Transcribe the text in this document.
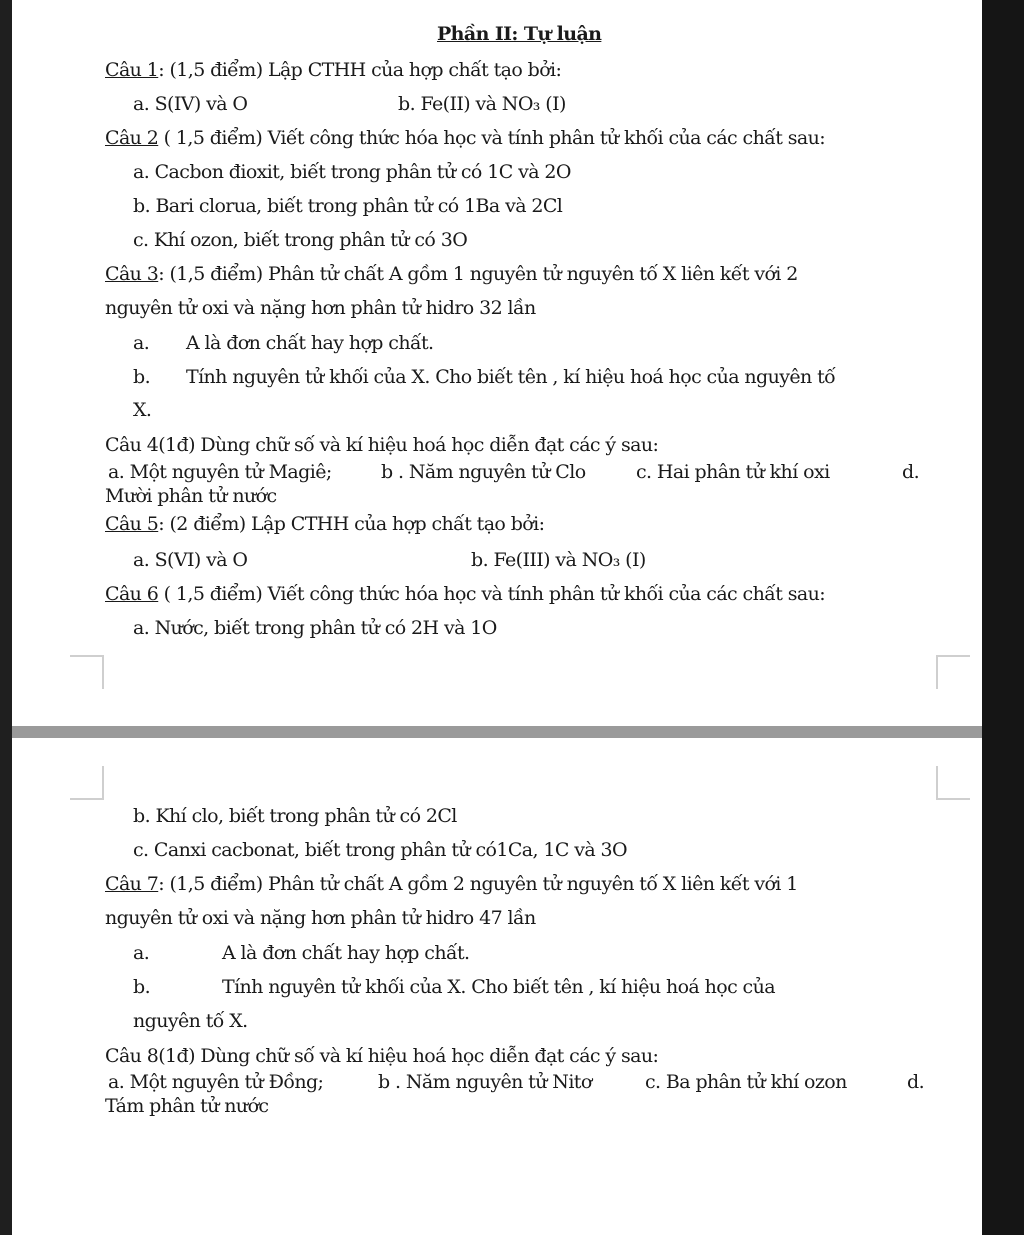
Phần II: Tự luận
Câu 1: (1,5 điểm) Lập CTHH của hợp chất tạo bởi:
a. S(IV) và O	b. Fe(II) và NO₃ (I)
Câu 2 ( 1,5 điểm) Viết công thức hóa học và tính phân tử khối của các chất sau:
a. Cacbon đioxit, biết trong phân tử có 1C và 2O
b. Bari clorua, biết trong phân tử có 1Ba và 2Cl
c. Khí ozon, biết trong phân tử có 3O
Câu 3: (1,5 điểm) Phân tử chất A gồm 1 nguyên tử nguyên tố X liên kết với 2
nguyên tử oxi và nặng hơn phân tử hidro 32 lần
a. A là đơn chất hay hợp chất.
b. Tính nguyên tử khối của X. Cho biết tên , kí hiệu hoá học của nguyên tố
X.
Câu 4(1đ) Dùng chữ số và kí hiệu hoá học diễn đạt các ý sau:
a. Một nguyên tử Magiê;	b . Năm nguyên tử Clo	c. Hai phân tử khí oxi	d.
Mười phân tử nước
Câu 5: (2 điểm) Lập CTHH của hợp chất tạo bởi:
a. S(VI) và O	b. Fe(III) và NO₃ (I)
Câu 6 ( 1,5 điểm) Viết công thức hóa học và tính phân tử khối của các chất sau:
a. Nước, biết trong phân tử có 2H và 1O
b. Khí clo, biết trong phân tử có 2Cl
c. Canxi cacbonat, biết trong phân tử có1Ca, 1C và 3O
Câu 7: (1,5 điểm) Phân tử chất A gồm 2 nguyên tử nguyên tố X liên kết với 1
nguyên tử oxi và nặng hơn phân tử hidro 47 lần
a.	A là đơn chất hay hợp chất.
b.	Tính nguyên tử khối của X. Cho biết tên , kí hiệu hoá học của
nguyên tố X.
Câu 8(1đ) Dùng chữ số và kí hiệu hoá học diễn đạt các ý sau:
a. Một nguyên tử Đồng;	b . Năm nguyên tử Nitơ	c. Ba phân tử khí ozon	d.
Tám phân tử nước
